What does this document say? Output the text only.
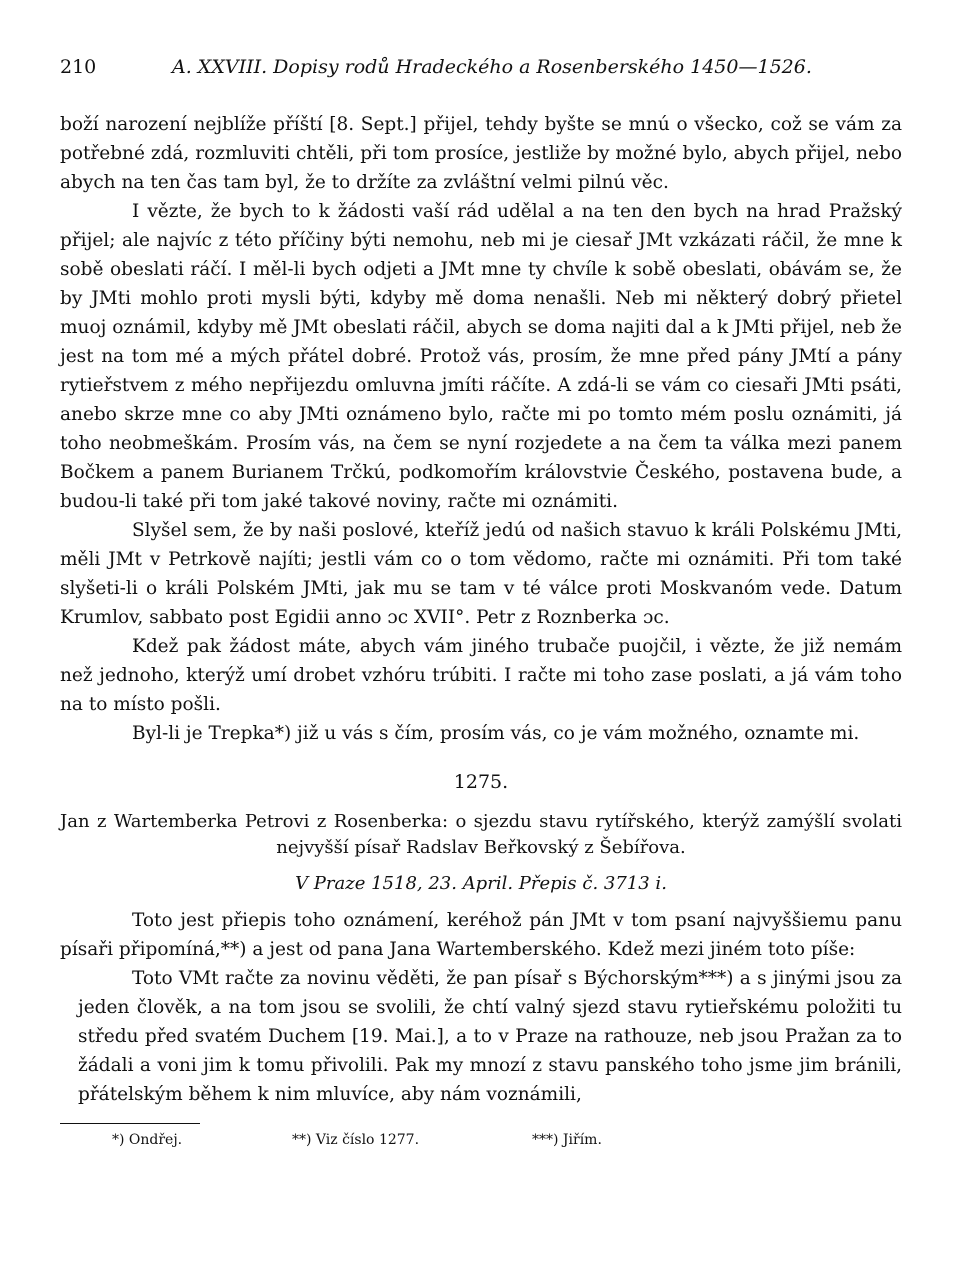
210	A. XXVIII. Dopisy rodů Hradeckého a Rosenberského 1450—1526.

boží narození nejblíže příští [8. Sept.] přijel, tehdy byšte se mnú o všecko, což se vám za potřebné zdá, rozmluviti chtěli, při tom prosíce, jestliže by možné bylo, abych přijel, nebo abych na ten čas tam byl, že to držíte za zvláštní velmi pilnú věc.

I vězte, že bych to k žádosti vaší rád udělal a na ten den bych na hrad Pražský přijel; ale najvíc z této příčiny býti nemohu, neb mi je ciesař JMt vzkázati ráčil, že mne k sobě obeslati ráčí. I měl-li bych odjeti a JMt mne ty chvíle k sobě obeslati, obávám se, že by JMti mohlo proti mysli býti, kdyby mě doma nenašli. Neb mi některý dobrý přietel muoj oznámil, kdyby mě JMt obeslati ráčil, abych se doma najiti dal a k JMti přijel, neb že jest na tom mé a mých přátel dobré. Protož vás, prosím, že mne před pány JMtí a pány rytieřstvem z mého nepřijezdu omluvna jmíti ráčíte. A zdá-li se vám co ciesaři JMti psáti, anebo skrze mne co aby JMti oznámeno bylo, račte mi po tomto mém poslu oznámiti, já toho neobmeškám. Prosím vás, na čem se nyní rozjedete a na čem ta válka mezi panem Bočkem a panem Burianem Trčkú, podkomořím královstvie Českého, postavena bude, a budou-li také při tom jaké takové noviny, račte mi oznámiti.

Slyšel sem, že by naši poslové, kteříž jedú od našich stavuo k králi Polskému JMti, měli JMt v Petrkově najíti; jestli vám co o tom vědomo, račte mi oznámiti. Při tom také slyšeti-li o králi Polském JMti, jak mu se tam v té válce proti Moskvanóm vede. Datum Krumlov, sabbato post Egidii anno ɔc XVII°. Petr z Roznberka ɔc.

Kdež pak žádost máte, abych vám jiného trubače puojčil, i vězte, že již nemám než jednoho, kterýž umí drobet vzhóru trúbiti. I račte mi toho zase poslati, a já vám toho na to místo pošli.

Byl-li je Trepka*) již u vás s čím, prosím vás, co je vám možného, oznamte mi.

1275.

Jan z Wartemberka Petrovi z Rosenberka: o sjezdu stavu rytířského, kterýž zamýšlí svolati nejvyšší písař Radslav Beřkovský z Šebířova.

V Praze 1518, 23. April. Přepis č. 3713 i.

Toto jest přiepis toho oznámení, keréhož pán JMt v tom psaní najvyššiemu panu písaři připomíná,**) a jest od pana Jana Wartemberského. Kdež mezi jiném toto píše:

Toto VMt račte za novinu věděti, že pan písař s Býchorským***) a s jinými jsou za jeden člověk, a na tom jsou se svolili, že chtí valný sjezd stavu rytieřskému položiti tu středu před svatém Duchem [19. Mai.], a to v Praze na rathouze, neb jsou Pražan za to žádali a voni jim k tomu přivolili. Pak my mnozí z stavu panského toho jsme jim bránili, přátelským během k nim mluvíce, aby nám voznámili,

*) Ondřej.	**) Viz číslo 1277.	***) Jiřím.
